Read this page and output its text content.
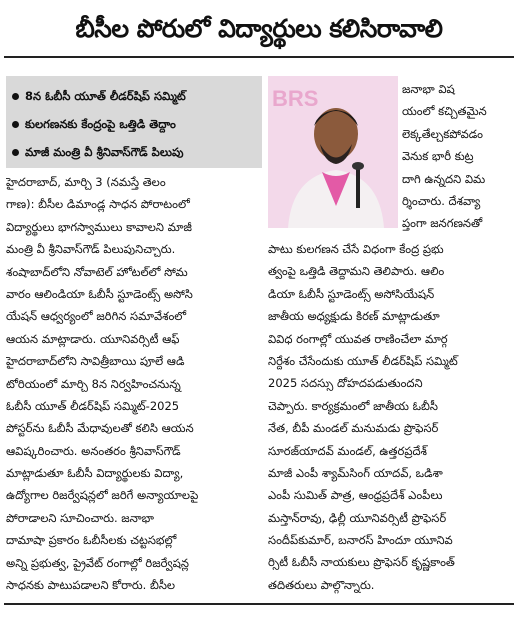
బీసీల పోరులో విద్యార్థులు కలిసిరావాలి
8న ఓబీసీ యూత్ లీడర్‌షిప్ సమ్మిట్
కులగణనకు కేంద్రంపై ఒత్తిడి తెద్దాం
మాజీ మంత్రి వీ శ్రీనివాస్‌గౌడ్ పిలుపు
BRS
హైదరాబాద్, మార్చి 3 (నమస్తే తెలం
గాణ): బీసీల డిమాండ్ల సాధన పోరాటంలో
విద్యార్థులు భాగస్వాములు కావాలని మాజీ
మంత్రి వీ శ్రీనివాస్‌గౌడ్ పిలుపునిచ్చారు.
శంషాబాద్‌లోని నోవాటెల్ హోటల్‌లో సోమ
వారం ఆలిండియా ఓబీసీ స్టూడెంట్స్ అసోసి
యేషన్ ఆధ్వర్యంలో జరిగిన సమావేశంలో
ఆయన మాట్లాడారు. యూనివర్సిటీ ఆఫ్
హైదరాబాద్‌లోని సావిత్రీబాయి పూలే ఆడి
టోరియంలో మార్చి 8న నిర్వహించనున్న
ఓబీసీ యూత్ లీడర్‌షిప్ సమ్మిట్-2025
పోస్టర్‌ను ఓబీసీ మేధావులతో కలిసి ఆయన
ఆవిష్కరించారు. అనంతరం శ్రీనివాస్‌గౌడ్
మాట్లాడుతూ ఓబీసీ విద్యార్థులకు విద్యా,
ఉద్యోగాల రిజర్వేషన్లలో జరిగే అన్యాయాలపై
పోరాడాలని సూచించారు. జనాభా
దామాషా ప్రకారం ఓబీసీలకు చట్టసభల్లో
అన్ని ప్రభుత్వ, ప్రైవేట్ రంగాల్లో రిజర్వేషన్ల
సాధనకు పాటుపడాలని కోరారు. బీసీల
జనాభా విష
యంలో కచ్చితమైన
లెక్కతేల్చకపోవడం
వెనుక భారీ కుట్ర
దాగి ఉన్నదని విమ
ర్శించారు. దేశవ్యా
ప్తంగా జనగణనతో
పాటు కులగణన చేసే విధంగా కేంద్ర ప్రభు
త్వంపై ఒత్తిడి తెద్దామని తెలిపారు. ఆలిం
డియా ఓబీసీ స్టూడెంట్స్ అసోసియేషన్
జాతీయ అధ్యక్షుడు కిరణ్ మాట్లాడుతూ
వివిధ రంగాల్లో యువత రాణించేలా మార్గ
నిర్దేశం చేసేందుకు యూత్ లీడర్‌షిప్ సమ్మిట్
2025 సదస్సు దోహదపడుతుందని
చెప్పారు. కార్యక్రమంలో జాతీయ ఓబీసీ
నేత, బీపీ మండల్ మనుమడు ప్రొఫెసర్
సూరజ్‌యాదవ్ మండల్, ఉత్తరప్రదేశ్
మాజీ ఎంపీ శ్యామ్‌సింగ్ యాదవ్, ఒడిశా
ఎంపీ సుమిత్ పాత్ర, ఆంధ్రప్రదేశ్ ఎంపీలు
మస్తాన్‌రావు, ఢిల్లీ యూనివర్సిటీ ప్రొఫెసర్
సందీప్‌కుమార్, బనారస్ హిందూ యూనివ
ర్సిటీ ఓబీసీ నాయకులు ప్రొఫెసర్ కృష్ణకాంత్
తదితరులు పాల్గొన్నారు.
